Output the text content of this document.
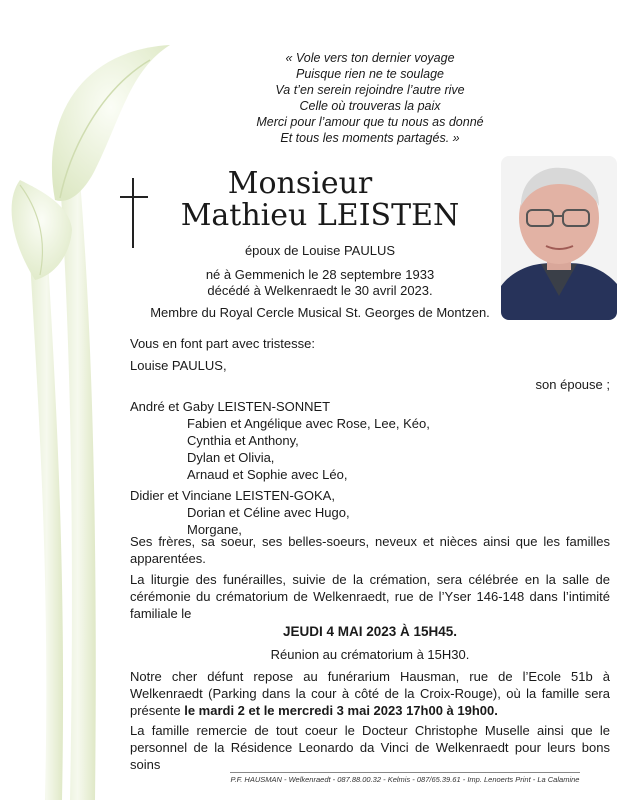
« Vole vers ton dernier voyage
Puisque rien ne te soulage
Va t’en serein rejoindre l’autre rive
Celle où trouveras la paix
Merci pour l’amour que tu nous as donné
Et tous les moments partagés. »
Monsieur
Mathieu LEISTEN
époux de Louise PAULUS
né à Gemmenich le 28 septembre 1933
décédé à Welkenraedt le 30 avril 2023.
Membre du Royal Cercle Musical St. Georges de Montzen.
Vous en font part avec tristesse:
Louise PAULUS,
son épouse ;
André et Gaby LEISTEN-SONNET
Fabien et Angélique avec Rose, Lee, Kéo,
Cynthia et Anthony,
Dylan et Olivia,
Arnaud et Sophie avec Léo,
Didier et Vinciane LEISTEN-GOKA,
Dorian et Céline avec Hugo,
Morgane,
Ses frères, sa soeur, ses belles-soeurs, neveux et nièces ainsi que les familles apparentées.
La liturgie des funérailles, suivie de la crémation, sera célébrée en la salle de cérémonie du crématorium de Welkenraedt, rue de l’Yser 146-148 dans l’intimité familiale le
JEUDI 4 MAI 2023 À 15H45.
Réunion au crématorium à 15H30.
Notre cher défunt repose au funérarium Hausman, rue de l’Ecole 51b à Welkenraedt (Parking dans la cour à côté de la Croix-Rouge), où la famille sera présente le mardi 2 et le mercredi 3 mai 2023 17h00 à 19h00.
La famille remercie de tout coeur le Docteur Christophe Muselle ainsi que le personnel de la Résidence Leonardo da Vinci de Welkenraedt pour leurs bons soins
P.F. HAUSMAN - Welkenraedt - 087.88.00.32 - Kelmis - 087/65.39.61 - Imp. Lenoerts Print - La Calamine
